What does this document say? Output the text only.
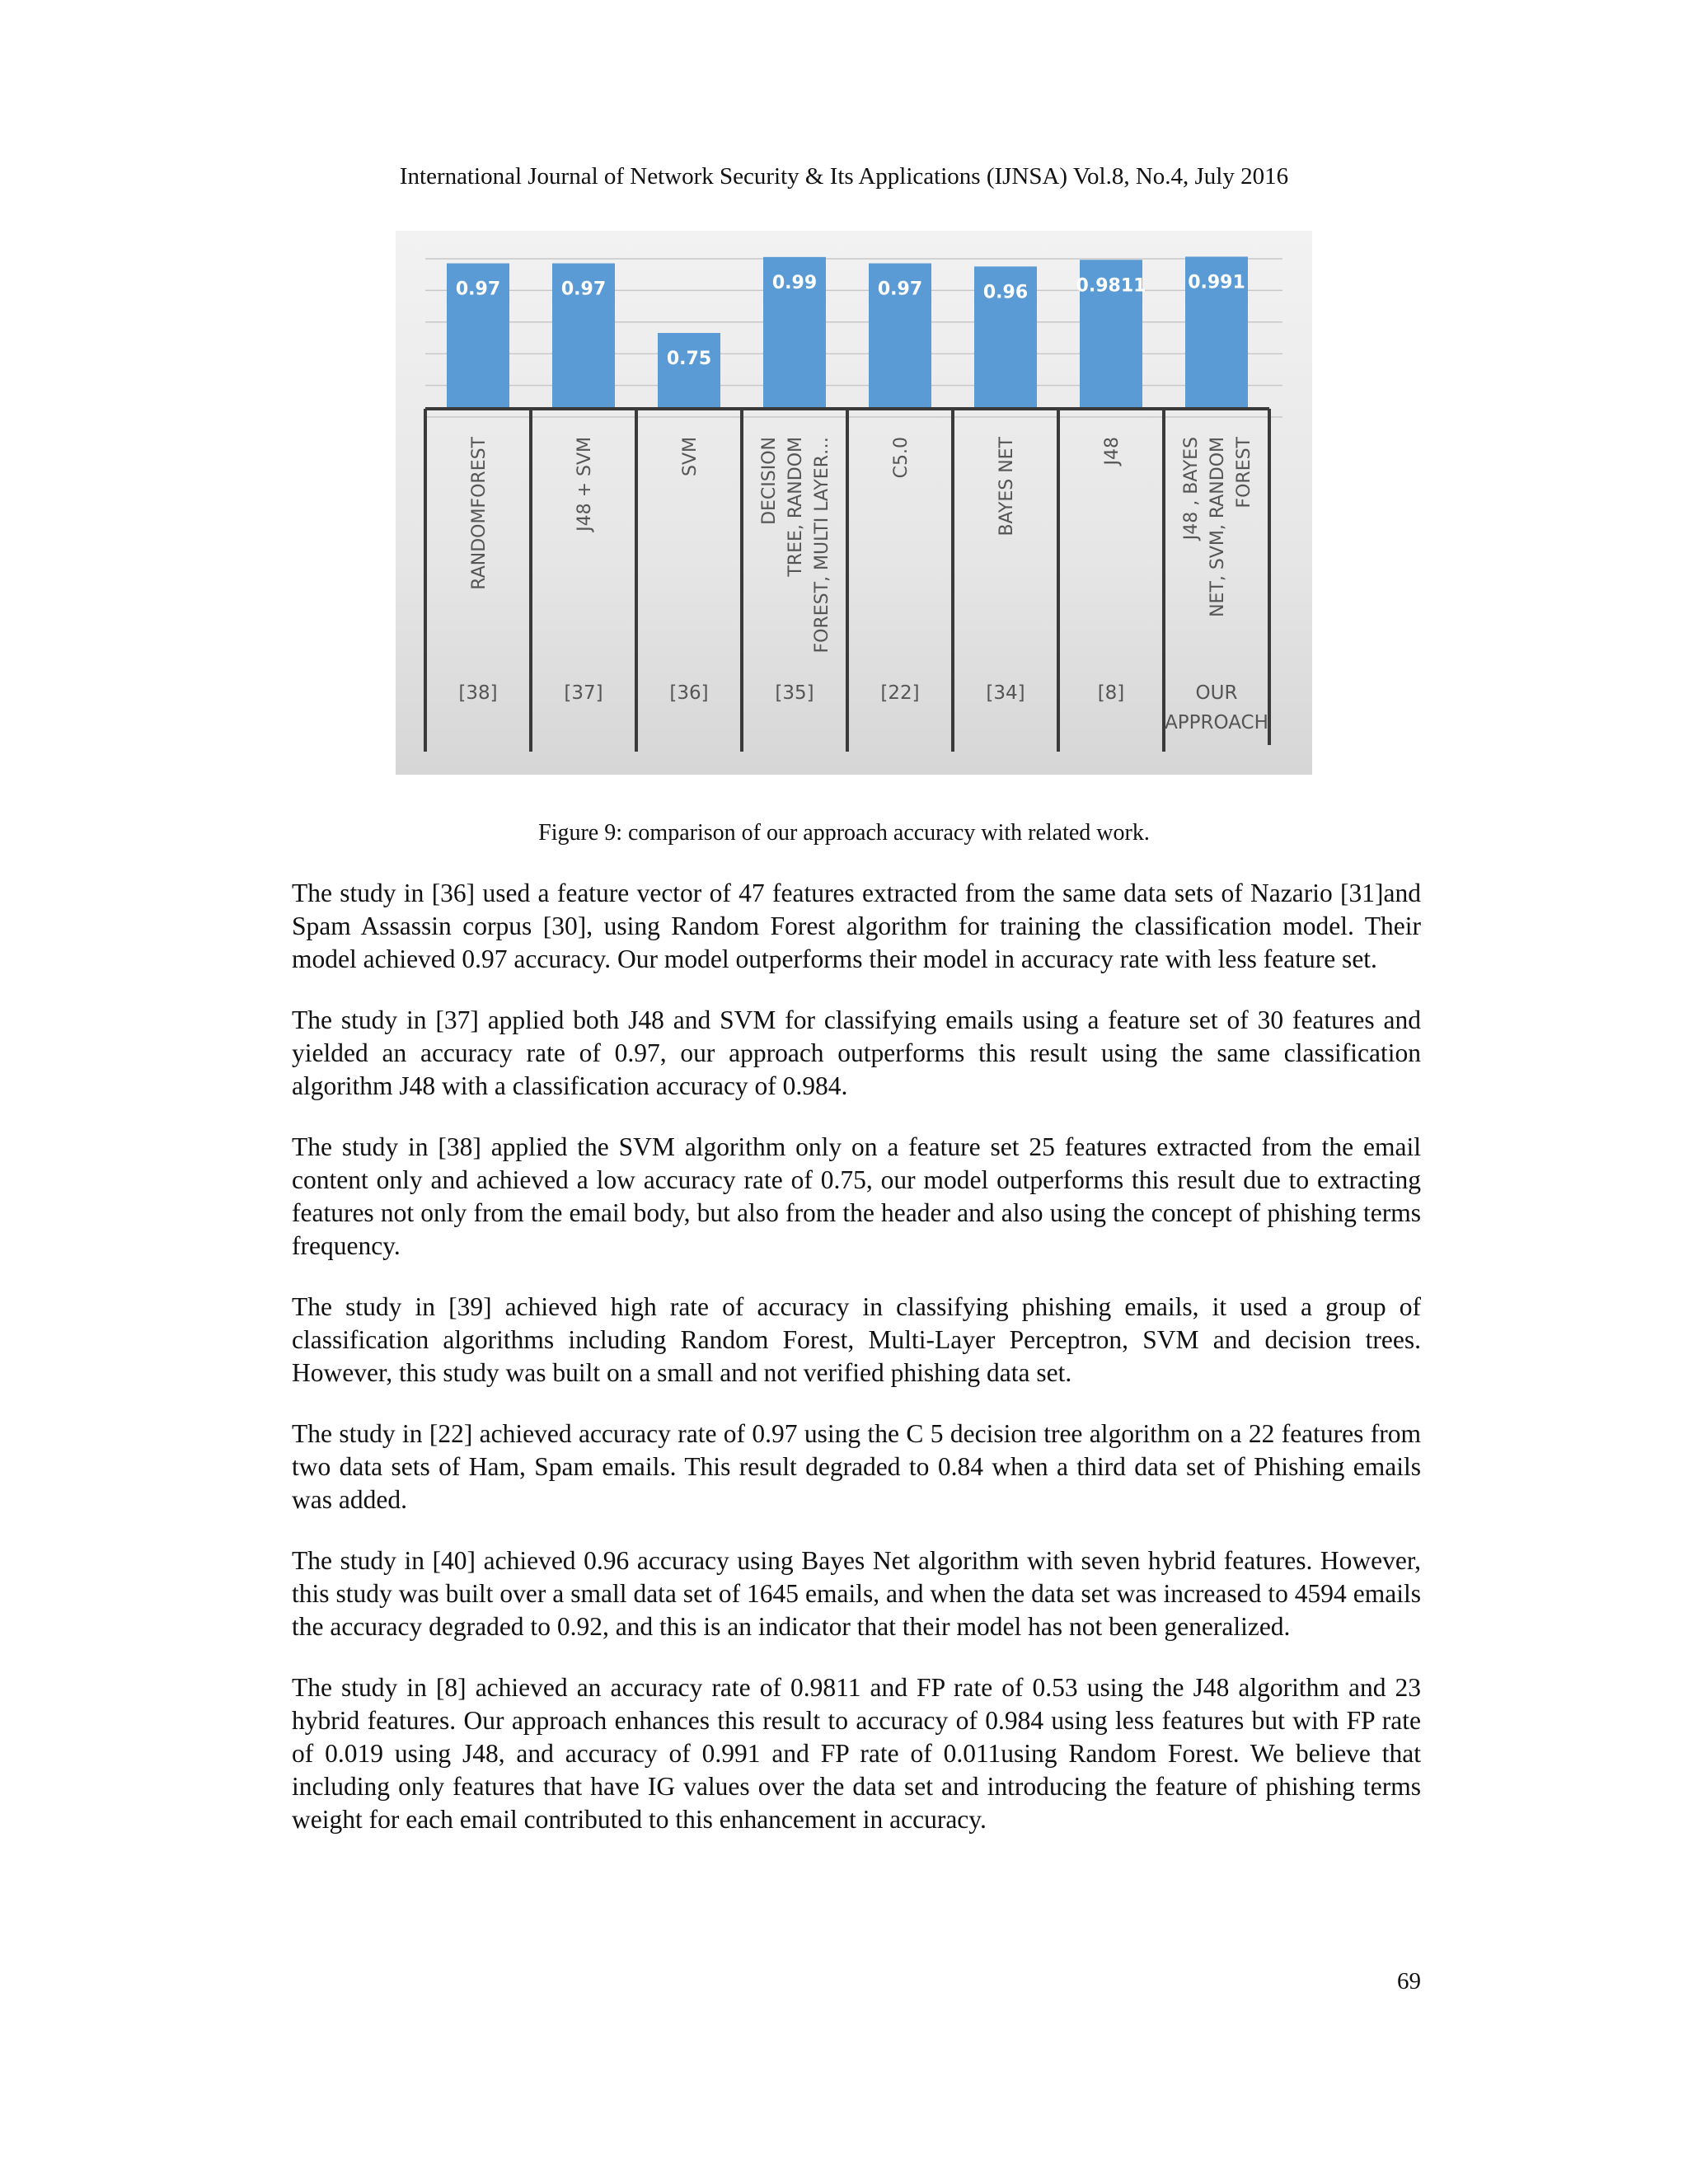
International Journal of Network Security & Its Applications (IJNSA) Vol.8, No.4, July 2016
0.97	0.97
0.75
0.99	0.97	0.96	0.9811 0.991
RANDOMFOREST
[38]
J48 + SVM
[37]
SVM
[36]
DECISION TREE, RANDOM FOREST, MULTI LAYER…
[35]
C5.0
[22]
BAYES NET
[34]
J48
[8]
J48 , BAYES NET, SVM, RANDOM FOREST
OUR
APPROACH
Figure 9: comparison of our approach accuracy with related work.

The study in [36] used a feature vector of 47 features extracted from the same data sets of Nazario [31]and Spam Assassin corpus [30], using Random Forest algorithm for training the classification model. Their model achieved 0.97 accuracy. Our model outperforms their model in accuracy rate with less feature set.

The study in [37] applied both J48 and SVM for classifying emails using a feature set of 30 features and yielded an accuracy rate of 0.97, our approach outperforms this result using the same classification algorithm J48 with a classification accuracy of 0.984.

The study in [38] applied the SVM algorithm only on a feature set 25 features extracted from the email content only and achieved a low accuracy rate of 0.75, our model outperforms this result due to extracting features not only from the email body, but also from the header and also using the concept of phishing terms frequency.

The study in [39] achieved high rate of accuracy in classifying phishing emails, it used a group of classification algorithms including Random Forest, Multi-Layer Perceptron, SVM and decision trees. However, this study was built on a small and not verified phishing data set.

The study in [22] achieved accuracy rate of 0.97 using the C 5 decision tree algorithm on a 22 features from two data sets of Ham, Spam emails. This result degraded to 0.84 when a third data set of Phishing emails was added.

The study in [40] achieved 0.96 accuracy using Bayes Net algorithm with seven hybrid features. However, this study was built over a small data set of 1645 emails, and when the data set was increased to 4594 emails the accuracy degraded to 0.92, and this is an indicator that their model has not been generalized.

The study in [8] achieved an accuracy rate of 0.9811 and FP rate of 0.53 using the J48 algorithm and 23 hybrid features. Our approach enhances this result to accuracy of 0.984 using less features but with FP rate of 0.019 using J48, and accuracy of 0.991 and FP rate of 0.011using Random Forest. We believe that including only features that have IG values over the data set and introducing the feature of phishing terms weight for each email contributed to this enhancement in accuracy.

69
